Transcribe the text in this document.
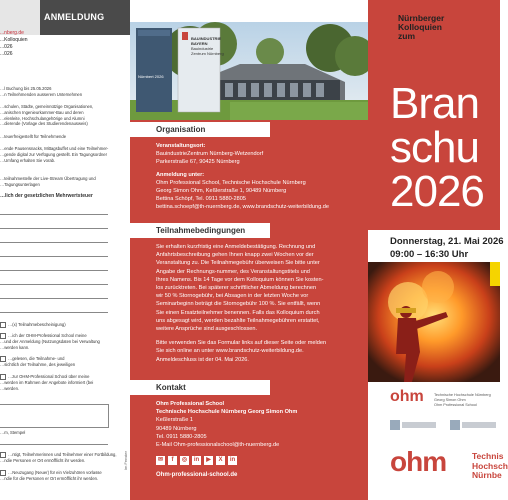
ANMELDUNG
...nberg.de
...Kolloquien
...026
...026
…l Buchung bis 25.05.2026
…n Teilnehmenden ausserem Unternehmen
…schulen, Städte, gemeinnützige Organisationen,
…anischen Ingenieurkammer-Bau und deren
…elenleite, Hochschulangehörige und Alumni
…dierende (Vorlage des Studierendenausweis)
…teuerfreigestellt für Teilnehmende
…ende Pausensnacks, Mittagsbuffet und eine Teilnehmer-
…gende digital zur Verfügung gestellt. Ein Tagungsordner
…Umfang erhalten Sie vorab.
…teilnahmestelle der Live-Stream Übertragung und
…Tagungsunterlagen
…lich der gesetzlichen Mehrwertsteuer
…(x) Teilnahmebescheinigung)
…ich der OHM-Professional School meine
…und der Anmeldung (Nutzungsdaten bei Verwaltung
…werden kann.
…gelesen, die Teilnahme- und
…sichtlich der Teilnahme, des jeweiligen
…zur OHM-Professional School über meine
…werden im Rahmen der Angebote informiert (bei
…werden.
…m, Stempel
…ntigt, Teilnehmerinnen und Teilnehmer einer Fortbildung,
…ndie Personen er Ort ermöfflicht ihr werden.
…Neuzugang (Neuer) für ein Vielzuhören vorlasse
…ndie für die Personen er Ort ermöfflicht ihr werden.
Im Fenster
BAUINDUSTRIE
BAYERN
Bauindustrie
Zentrum Nürnberg
Nürnbert 2026
Organisation
Veranstaltungsort:
BauindustrieZentrum Nürnberg-Wetzendorf
Parkerstraße 67, 90425 Nürnberg
Anmeldung unter:
Ohm Professional School, Technische Hochschule Nürnberg
Georg Simon Ohm, Keßlerstraße 1, 90489 Nürnberg
Bettina Schöpf, Tel. 0911 5880-2805
bettina.schoepf@th-nuernberg.de, www.brandschutz-weiterbildung.de
Teilnahmebedingungen
Sie erhalten kurzfristig eine Anmeldebestätigung. Rechnung und
Anfahrtsbeschreibung gehen Ihnen knapp zwei Wochen vor der
Veranstaltung zu. Die Teilnahmegebühr überweisen Sie bitte unter
Angabe der Rechnungs-nummer, des Veranstaltungstitels und
Ihres Namens. Bis 14 Tage vor dem Kolloquium können Sie kosten-
los zurücktreten. Bei späterer schriftlicher Abmeldung berechnen
wir 50 % Stornogebühr, bei Absagen in der letzten Woche vor
Seminarbeginn beträgt die Stornogebühr 100 %. Sie entfällt, wenn
Sie einen Ersatzteilnehmer benennen. Falls das Kolloquium durch
uns abgesagt wird, werden bezahlte Teilnahmegebühren erstattet,
weitere Ansprüche sind ausgeschlossen.
Bitte verwenden Sie das Formular links auf dieser Seite oder melden
Sie sich online an unter www.brandschutz-weiterbildung.de.
Anmeldeschluss ist der 04. Mai 2026.
Kontakt
Ohm Professional School
Technische Hochschule Nürnberg Georg Simon Ohm
Keßlerstraße 1
90489 Nürnberg
Tel. 0911 5880-2805
E-Mail Ohm-professionalschool@th-nuernberg.de
✉	f	◎	in	▶	X	in
Ohm-professional-school.de
Nürnberger
Kolloquien
zum
Bran
schu
2026
Donnerstag, 21. Mai 2026
09:00 – 16:30 Uhr
ohm	Technische Hochschule Nürnberg
Georg Simon Ohm
Ohm Professional School
ohm	Technis
Hochsch
Nürnbe
